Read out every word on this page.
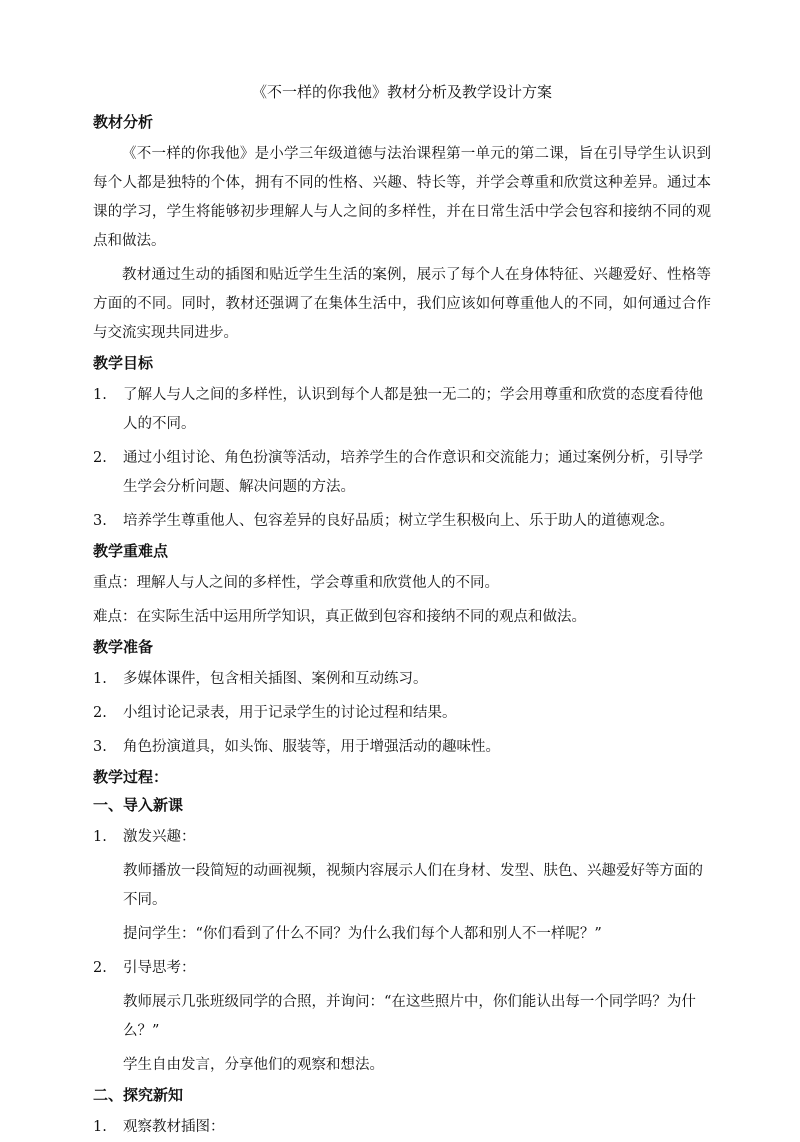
《不一样的你我他》教材分析及教学设计方案
教材分析
《不一样的你我他》是小学三年级道德与法治课程第一单元的第二课，旨在引导学生认识到每个人都是独特的个体，拥有不同的性格、兴趣、特长等，并学会尊重和欣赏这种差异。通过本课的学习，学生将能够初步理解人与人之间的多样性，并在日常生活中学会包容和接纳不同的观点和做法。
教材通过生动的插图和贴近学生生活的案例，展示了每个人在身体特征、兴趣爱好、性格等方面的不同。同时，教材还强调了在集体生活中，我们应该如何尊重他人的不同，如何通过合作与交流实现共同进步。
教学目标
1. 了解人与人之间的多样性，认识到每个人都是独一无二的；学会用尊重和欣赏的态度看待他人的不同。
2. 通过小组讨论、角色扮演等活动，培养学生的合作意识和交流能力；通过案例分析，引导学生学会分析问题、解决问题的方法。
3. 培养学生尊重他人、包容差异的良好品质；树立学生积极向上、乐于助人的道德观念。
教学重难点
重点：理解人与人之间的多样性，学会尊重和欣赏他人的不同。
难点：在实际生活中运用所学知识，真正做到包容和接纳不同的观点和做法。
教学准备
1. 多媒体课件，包含相关插图、案例和互动练习。
2. 小组讨论记录表，用于记录学生的讨论过程和结果。
3. 角色扮演道具，如头饰、服装等，用于增强活动的趣味性。
教学过程：
一、导入新课
1. 激发兴趣：
教师播放一段简短的动画视频，视频内容展示人们在身材、发型、肤色、兴趣爱好等方面的不同。
提问学生：“你们看到了什么不同？为什么我们每个人都和别人不一样呢？”
2. 引导思考：
教师展示几张班级同学的合照，并询问：“在这些照片中，你们能认出每一个同学吗？为什么？”
学生自由发言，分享他们的观察和想法。
二、探究新知
1. 观察教材插图：
